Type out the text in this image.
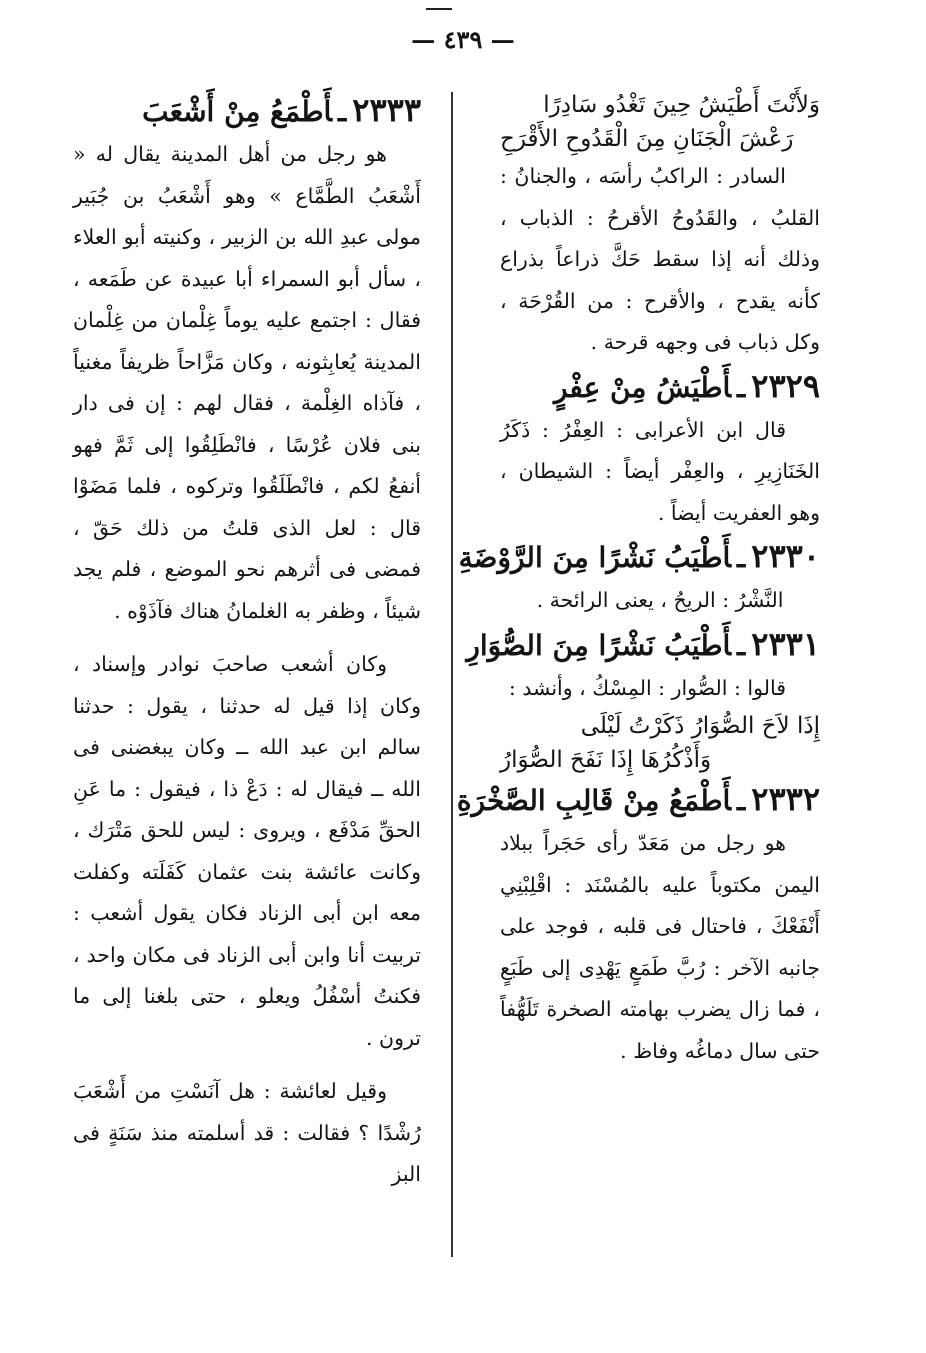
— ٤٣٩ —

وَلأَنْتَ أَطْيَشُ حِينَ تَغْدُو سَادِرًا

رَعْشَ الْجَنَانِ مِنَ الْقَدُوحِ الأَقْرَحِ

السادر : الراكبُ رأسَه ، والجنانُ : القلبُ ، والقَدُوحُ الأقرحُ : الذباب ، وذلك أنه إذا سقط حَكَّ ذراعاً بذراع كأنه يقدح ، والأقرح : من القُرْحَة ، وكل ذباب فى وجهه قرحة .

٢٣٢٩ـأَطْيَشُ مِنْ عِفْرٍ

قال ابن الأعرابى : العِفْرُ : ذَكَرُ الخَنَازِيرِ ، والعِفْر أيضاً : الشيطان ، وهو العفريت أيضاً .

٢٣٣٠ـأَطْيَبُ نَشْرًا مِنَ الرَّوْضَةِ

النَّشْرُ : الريحُ ، يعنى الرائحة .

٢٣٣١ـأَطْيَبُ نَشْرًا مِنَ الصُّوَارِ

قالوا : الصُّوار : المِسْكُ ، وأنشد :

إِذَا لاَحَ الصُّوَارُ ذَكَرْتُ لَيْلَى

وَأَذْكُرُهَا إِذَا نَفَحَ الصُّوَارُ

٢٣٣٢ـأَطْمَعُ مِنْ قَالِبِ الصَّخْرَةِ

هو رجل من مَعَدّ رأى حَجَراً ببلاد اليمن مكتوباً عليه بالمُسْنَد : اقْلِبْنِي أَنْفَعْكَ ، فاحتال فى قلبه ، فوجد على جانبه الآخر : رُبَّ طَمَعٍ يَهْدِى إلى طَبَعٍ ، فما زال يضرب بهامته الصخرة تَلَهُّفاً حتى سال دماغُه وفاظ .

٢٣٣٣ـأَطْمَعُ مِنْ أَشْعَبَ

هو رجل من أهل المدينة يقال له « أَشْعَبُ الطَّمَّاع » وهو أَشْعَبُ بن جُبَير مولى عبدِ الله بن الزبير ، وكنيته أبو العلاء ، سأل أبو السمراء أبا عبيدة عن طَمَعه ، فقال : اجتمع عليه يوماً غِلْمان من غِلْمان المدينة يُعابِثونه ، وكان مَزَّاحاً ظريفاً مغنياً ، فآذاه الغِلْمة ، فقال لهم : إن فى دار بنى فلان عُرْسًا ، فانْطَلِقُوا إلى ثَمَّ فهو أنفعُ لكم ، فانْطَلَقُوا وتركوه ، فلما مَضَوْا قال : لعل الذى قلتُ من ذلك حَقّ ، فمضى فى أثرهم نحو الموضع ، فلم يجد شيئاً ، وظفر به الغلمانُ هناك فآذَوْه .

وكان أشعب صاحبَ نوادر وإسناد ، وكان إذا قيل له حدثنا ، يقول : حدثنا سالم ابن عبد الله ــ وكان يبغضنى فى الله ــ فيقال له : دَعْ ذا ، فيقول : ما عَنِ الحقِّ مَدْفَع ، ويروى : ليس للحق مَتْرَك ، وكانت عائشة بنت عثمان كَفَلَته وكفلت معه ابن أبى الزناد فكان يقول أشعب : تربيت أنا وابن أبى الزناد فى مكان واحد ، فكنتُ أسْفُلُ ويعلو ، حتى بلغنا إلى ما ترون .

وقيل لعائشة : هل آنَسْتِ من أَشْعَبَ رُشْدًا ؟ فقالت : قد أسلمته منذ سَنَةٍ فى البز
